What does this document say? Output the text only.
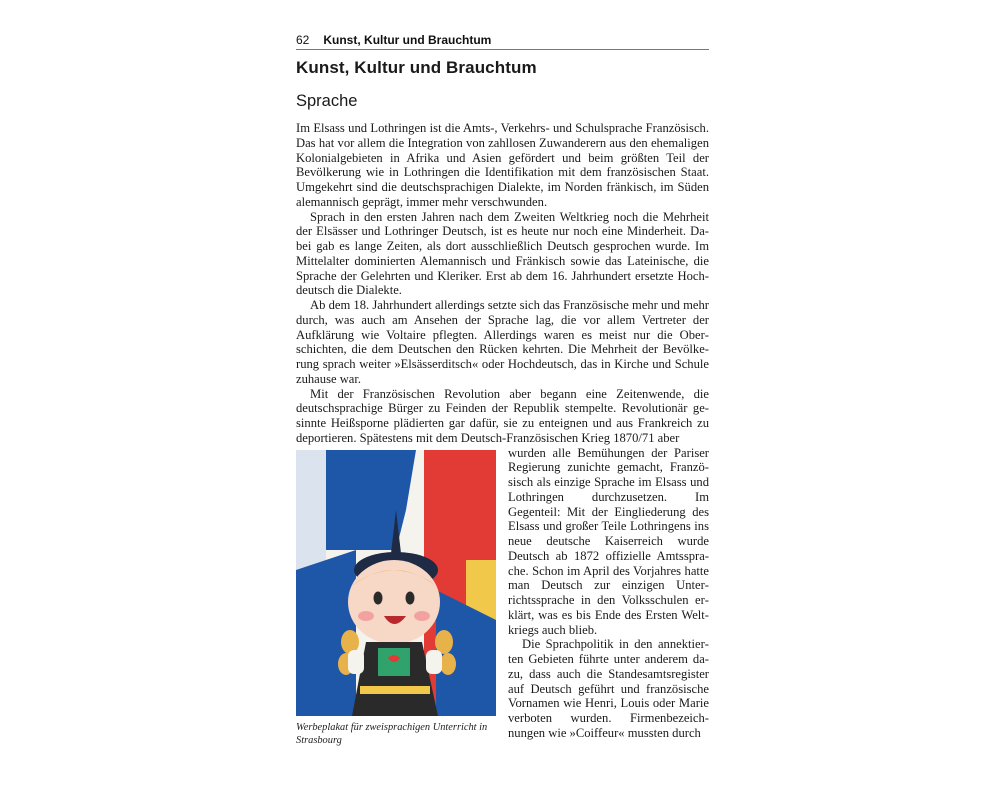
62 Kunst, Kultur und Brauchtum
Kunst, Kultur und Brauchtum
Sprache

Im Elsass und Lothringen ist die Amts-, Verkehrs- und Schulsprache Französisch. Das hat vor allem die Integration von zahllosen Zuwanderern aus den ehemaligen Kolonialgebieten in Afrika und Asien gefördert und beim größten Teil der Bevölkerung wie in Lothringen die Identifikation mit dem französischen Staat. Umgekehrt sind die deutschsprachigen Dialekte, im Norden fränkisch, im Süden alemannisch geprägt, immer mehr verschwunden.

Sprach in den ersten Jahren nach dem Zweiten Weltkrieg noch die Mehrheit der Elsässer und Lothringer Deutsch, ist es heute nur noch eine Minderheit. Dabei gab es lange Zeiten, als dort ausschließlich Deutsch gesprochen wurde. Im Mittelalter dominierten Alemannisch und Fränkisch sowie das Lateinische, die Sprache der Gelehrten und Kleriker. Erst ab dem 16. Jahrhundert ersetzte Hochdeutsch die Dialekte.

Ab dem 18. Jahrhundert allerdings setzte sich das Französische mehr und mehr durch, was auch am Ansehen der Sprache lag, die vor allem Vertreter der Aufklärung wie Voltaire pflegten. Allerdings waren es meist nur die Oberschichten, die dem Deutschen den Rücken kehrten. Die Mehrheit der Bevölkerung sprach weiter »Elsässerditsch« oder Hochdeutsch, das in Kirche und Schule zuhause war.

Mit der Französischen Revolution aber begann eine Zeitenwende, die deutschsprachige Bürger zu Feinden der Republik stempelte. Revolutionär gesinnte Heißsporne plädierten gar dafür, sie zu enteignen und aus Frankreich zu deportieren. Spätestens mit dem Deutsch-Französischen Krieg 1870/71 aber

Werbeplakat für zweisprachigen Unterricht in Strasbourg

wurden alle Bemühungen der Pariser Regierung zunichte gemacht, Französisch als einzige Sprache im Elsass und Lothringen durchzusetzen. Im Gegenteil: Mit der Eingliederung des Elsass und großer Teile Lothringens ins neue deutsche Kaiserreich wurde Deutsch ab 1872 offizielle Amtssprache. Schon im April des Vorjahres hatte man Deutsch zur einzigen Unterrichtssprache in den Volksschulen erklärt, was es bis Ende des Ersten Weltkriegs auch blieb.

Die Sprachpolitik in den annektierten Gebieten führte unter anderem dazu, dass auch die Standesamtsregister auf Deutsch geführt und französische Vornamen wie Henri, Louis oder Marie verboten wurden. Firmenbezeichnungen wie »Coiffeur« mussten durch
